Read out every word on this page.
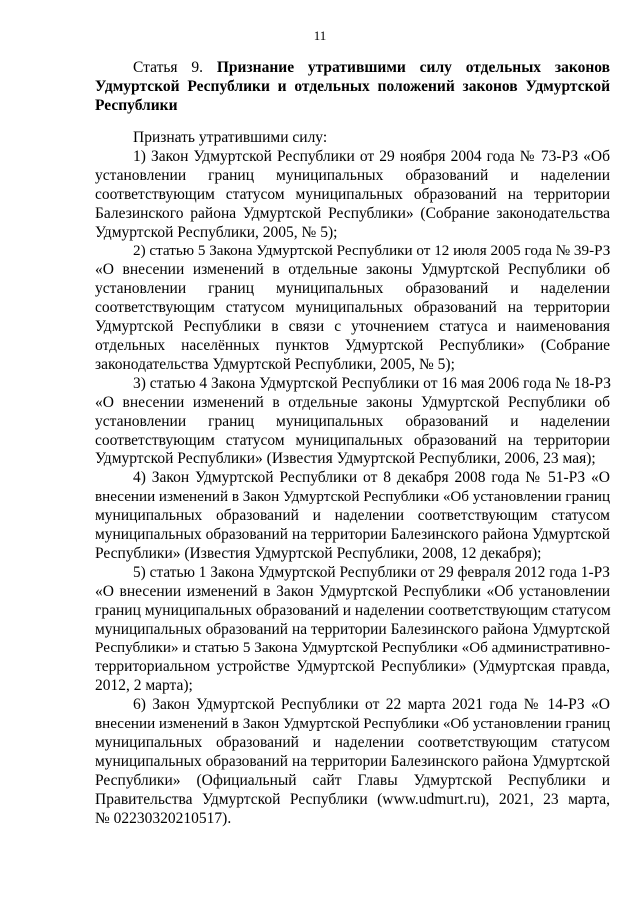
11
Статья 9. Признание утратившими силу отдельных законов
Удмуртской Республики и отдельных положений законов Удмуртской
Республики
Признать утратившими силу:
1) Закон Удмуртской Республики от 29 ноября 2004 года № 73-РЗ «Об
установлении границ муниципальных образований и наделении
соответствующим статусом муниципальных образований на территории
Балезинского района Удмуртской Республики» (Собрание законодательства
Удмуртской Республики, 2005, № 5);
2) статью 5 Закона Удмуртской Республики от 12 июля 2005 года № 39-РЗ
«О внесении изменений в отдельные законы Удмуртской Республики об
установлении границ муниципальных образований и наделении
соответствующим статусом муниципальных образований на территории
Удмуртской Республики в связи с уточнением статуса и наименования
отдельных населённых пунктов Удмуртской Республики» (Собрание
законодательства Удмуртской Республики, 2005, № 5);
3) статью 4 Закона Удмуртской Республики от 16 мая 2006 года № 18-РЗ
«О внесении изменений в отдельные законы Удмуртской Республики об
установлении границ муниципальных образований и наделении
соответствующим статусом муниципальных образований на территории
Удмуртской Республики» (Известия Удмуртской Республики, 2006, 23 мая);
4) Закон Удмуртской Республики от 8 декабря 2008 года № 51-РЗ «О
внесении изменений в Закон Удмуртской Республики «Об установлении границ
муниципальных образований и наделении соответствующим статусом
муниципальных образований на территории Балезинского района Удмуртской
Республики» (Известия Удмуртской Республики, 2008, 12 декабря);
5) статью 1 Закона Удмуртской Республики от 29 февраля 2012 года 1-РЗ
«О внесении изменений в Закон Удмуртской Республики «Об установлении
границ муниципальных образований и наделении соответствующим статусом
муниципальных образований на территории Балезинского района Удмуртской
Республики» и статью 5 Закона Удмуртской Республики «Об административно-
территориальном устройстве Удмуртской Республики» (Удмуртская правда,
2012, 2 марта);
6) Закон Удмуртской Республики от 22 марта 2021 года № 14-РЗ «О
внесении изменений в Закон Удмуртской Республики «Об установлении границ
муниципальных образований и наделении соответствующим статусом
муниципальных образований на территории Балезинского района Удмуртской
Республики» (Официальный сайт Главы Удмуртской Республики и
Правительства Удмуртской Республики (www.udmurt.ru), 2021, 23 марта,
№ 02230320210517).
